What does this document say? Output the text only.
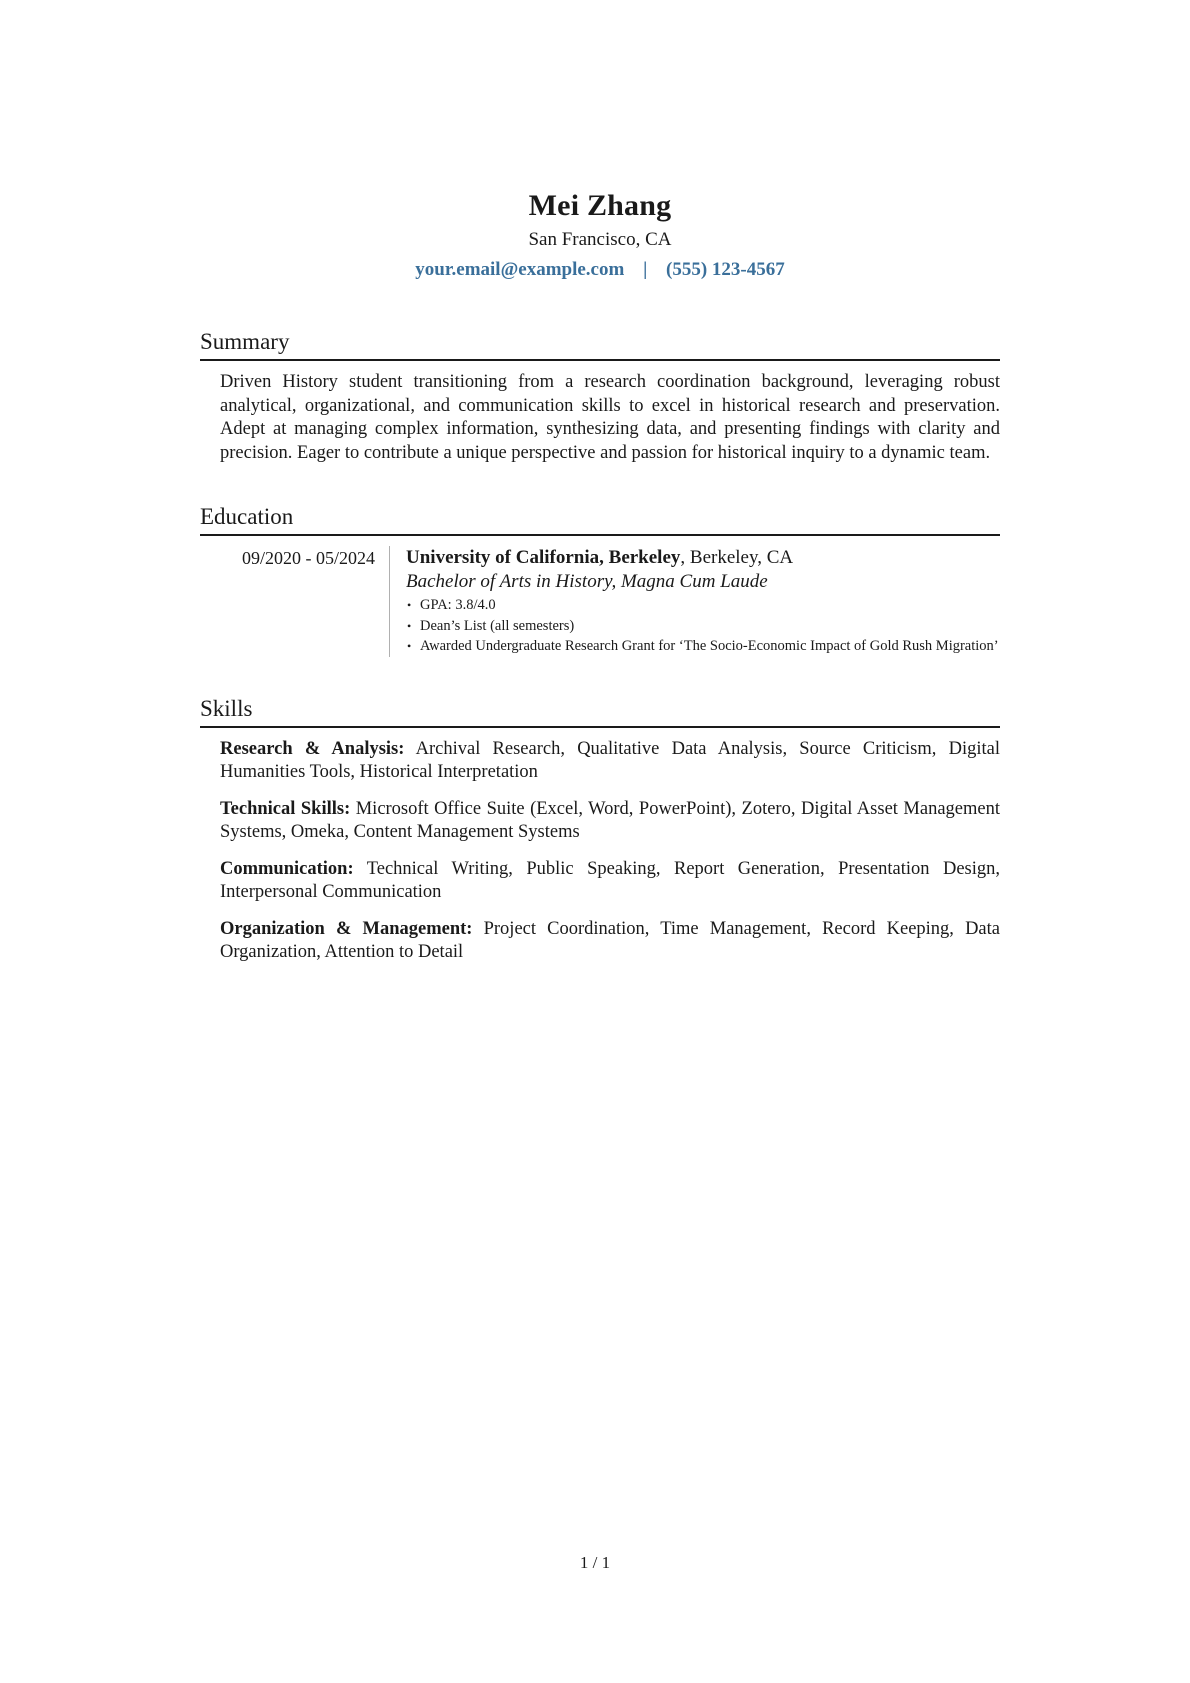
Mei Zhang
San Francisco, CA
your.email@example.com | (555) 123-4567
Summary

Driven History student transitioning from a research coordination background, leveraging robust analytical, organizational, and communication skills to excel in historical research and preservation. Adept at managing complex information, synthesizing data, and presenting findings with clarity and precision. Eager to contribute a unique perspective and passion for historical inquiry to a dynamic team.

Education
09/2020 - 05/2024	University of California, Berkeley, Berkeley, CA
Bachelor of Arts in History, Magna Cum Laude
• GPA: 3.8/4.0
• Dean’s List (all semesters)
• Awarded Undergraduate Research Grant for ‘The Socio-Economic Impact of Gold Rush Migration’
Skills
Research & Analysis: Archival Research, Qualitative Data Analysis, Source Criticism, Digital Humanities Tools, Historical Interpretation
Technical Skills: Microsoft Office Suite (Excel, Word, PowerPoint), Zotero, Digital Asset Management Systems, Omeka, Content Management Systems
Communication: Technical Writing, Public Speaking, Report Generation, Presentation Design, Interpersonal Communication
Organization & Management: Project Coordination, Time Management, Record Keeping, Data Organization, Attention to Detail
1 / 1
